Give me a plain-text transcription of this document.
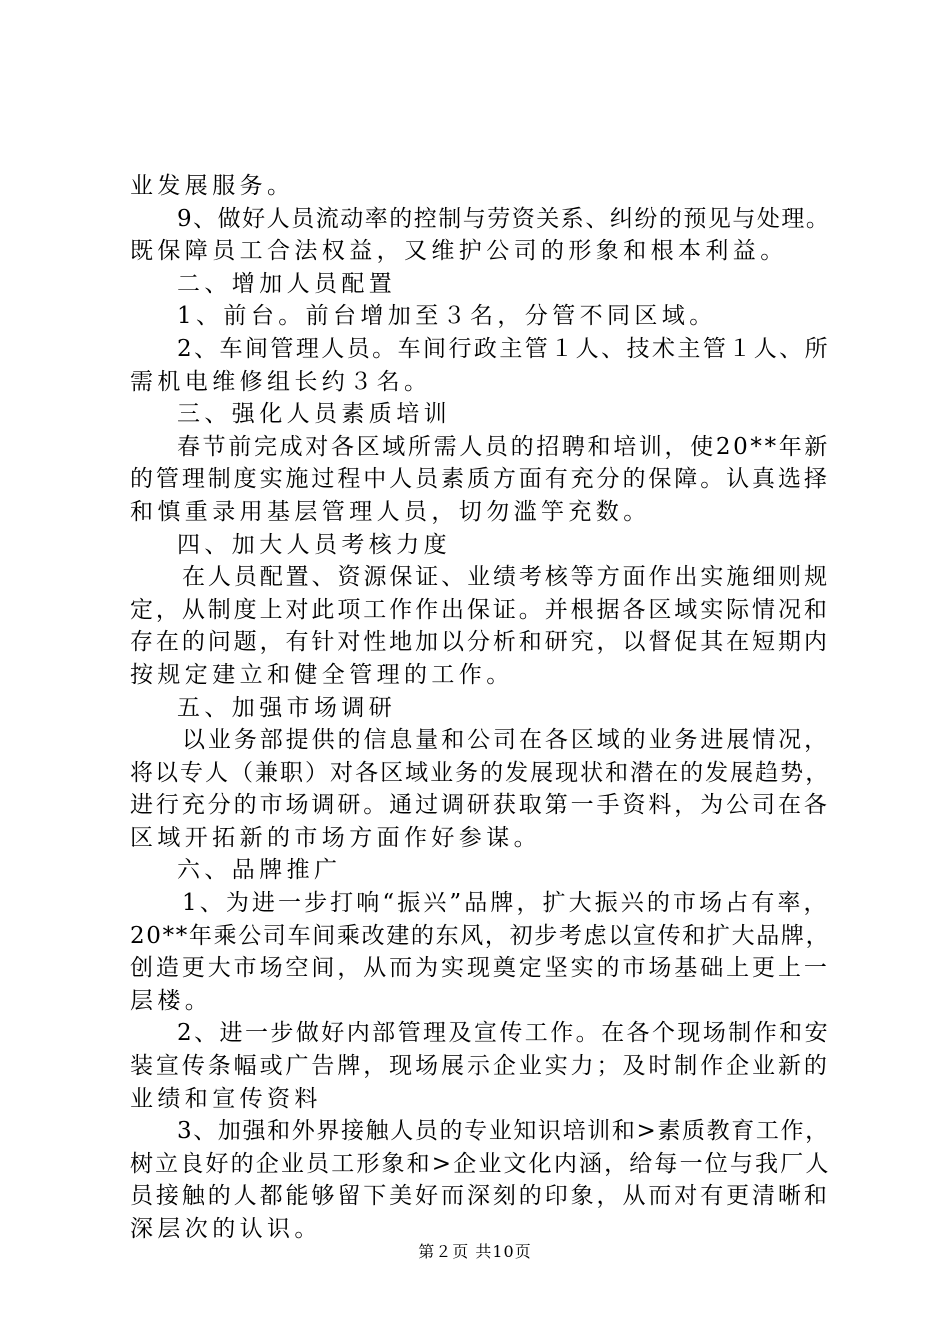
业发展服务。
9、做好人员流动率的控制与劳资关系、纠纷的预见与处理。
既保障员工合法权益，又维护公司的形象和根本利益。
二、增加人员配置
1、前台。前台增加至３名，分管不同区域。
2、车间管理人员。车间行政主管１人、技术主管１人、所
需机电维修组长约３名。
三、强化人员素质培训
春节前完成对各区域所需人员的招聘和培训，使20**年新
的管理制度实施过程中人员素质方面有充分的保障。认真选择
和慎重录用基层管理人员，切勿滥竽充数。
四、加大人员考核力度
在人员配置、资源保证、业绩考核等方面作出实施细则规
定，从制度上对此项工作作出保证。并根据各区域实际情况和
存在的问题，有针对性地加以分析和研究，以督促其在短期内
按规定建立和健全管理的工作。
五、加强市场调研
以业务部提供的信息量和公司在各区域的业务进展情况，
将以专人（兼职）对各区域业务的发展现状和潜在的发展趋势，
进行充分的市场调研。通过调研获取第一手资料，为公司在各
区域开拓新的市场方面作好参谋。
六、品牌推广
1、为进一步打响“振兴”品牌，扩大振兴的市场占有率，
20**年乘公司车间乘改建的东风，初步考虑以宣传和扩大品牌，
创造更大市场空间，从而为实现奠定坚实的市场基础上更上一
层楼。
2、进一步做好内部管理及宣传工作。在各个现场制作和安
装宣传条幅或广告牌，现场展示企业实力；及时制作企业新的
业绩和宣传资料
3、加强和外界接触人员的专业知识培训和>素质教育工作，
树立良好的企业员工形象和>企业文化内涵，给每一位与我厂人
员接触的人都能够留下美好而深刻的印象，从而对有更清晰和
深层次的认识。
第２页 共10页
